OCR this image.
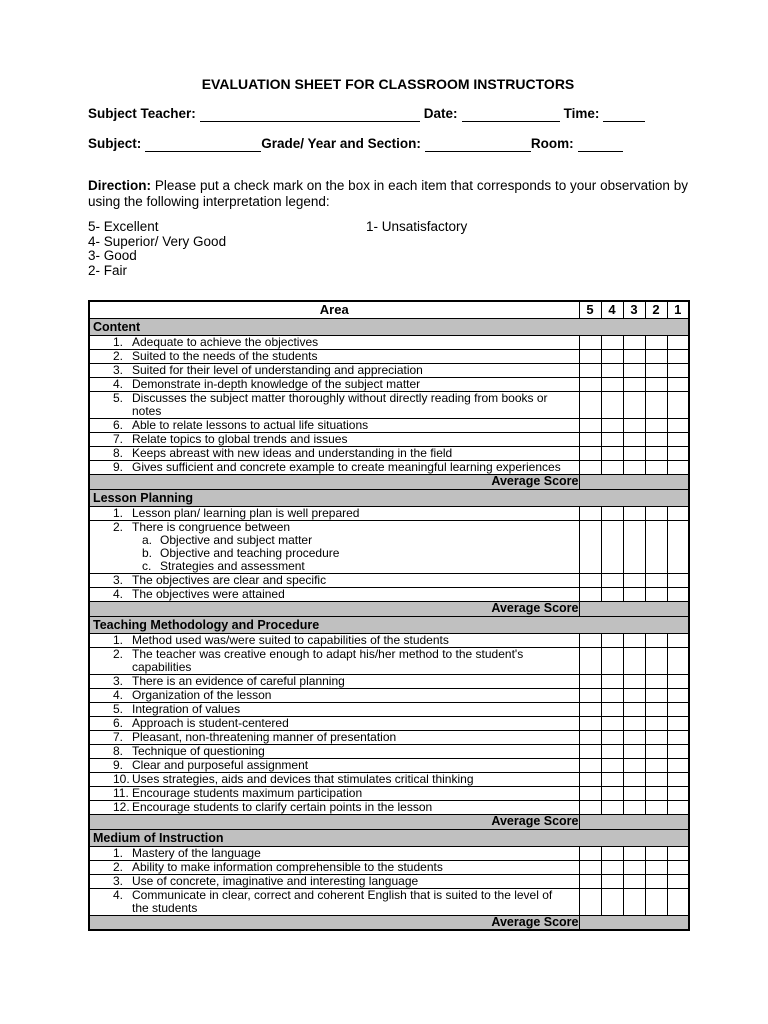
EVALUATION SHEET FOR CLASSROOM INSTRUCTORS
Subject Teacher:	Date:	Time:
Subject:	Grade/ Year and Section:	Room:

Direction: Please put a check mark on the box in each item that corresponds to your observation by using the following interpretation legend:

5- Excellent
4- Superior/ Very Good
3- Good
2- Fair
1- Unsatisfactory
Area	5	4	3	2	1
Content					

1. Adequate to achieve the objectives					

2. Suited to the needs of the students					

3. Suited for their level of understanding and appreciation					

4. Demonstrate in-depth knowledge of the subject matter					

5. Discusses the subject matter thoroughly without directly reading from books or notes					

6. Able to relate lessons to actual life situations					

7. Relate topics to global trends and issues					

8. Keeps abreast with new ideas and understanding in the field					

9. Gives sufficient and concrete example to create meaningful learning experiences					

Average Score					
Lesson Planning					

1. Lesson plan/ learning plan is well prepared					

2. There is congruence between
a. Objective and subject matter
b. Objective and teaching procedure
c. Strategies and assessment

3. The objectives are clear and specific					

4. The objectives were attained					

Average Score					
Teaching Methodology and Procedure					

1. Method used was/were suited to capabilities of the students					

2. The teacher was creative enough to adapt his/her method to the student's capabilities					

3. There is an evidence of careful planning					

4. Organization of the lesson					

5. Integration of values					

6. Approach is student-centered					

7. Pleasant, non-threatening manner of presentation					

8. Technique of questioning					

9. Clear and purposeful assignment					

10. Uses strategies, aids and devices that stimulates critical thinking					

11. Encourage students maximum participation					

12. Encourage students to clarify certain points in the lesson					

Average Score					
Medium of Instruction					

1. Mastery of the language					

2. Ability to make information comprehensible to the students					

3. Use of concrete, imaginative and interesting language					

4. Communicate in clear, correct and coherent English that is suited to the level of the students					

Average Score					
